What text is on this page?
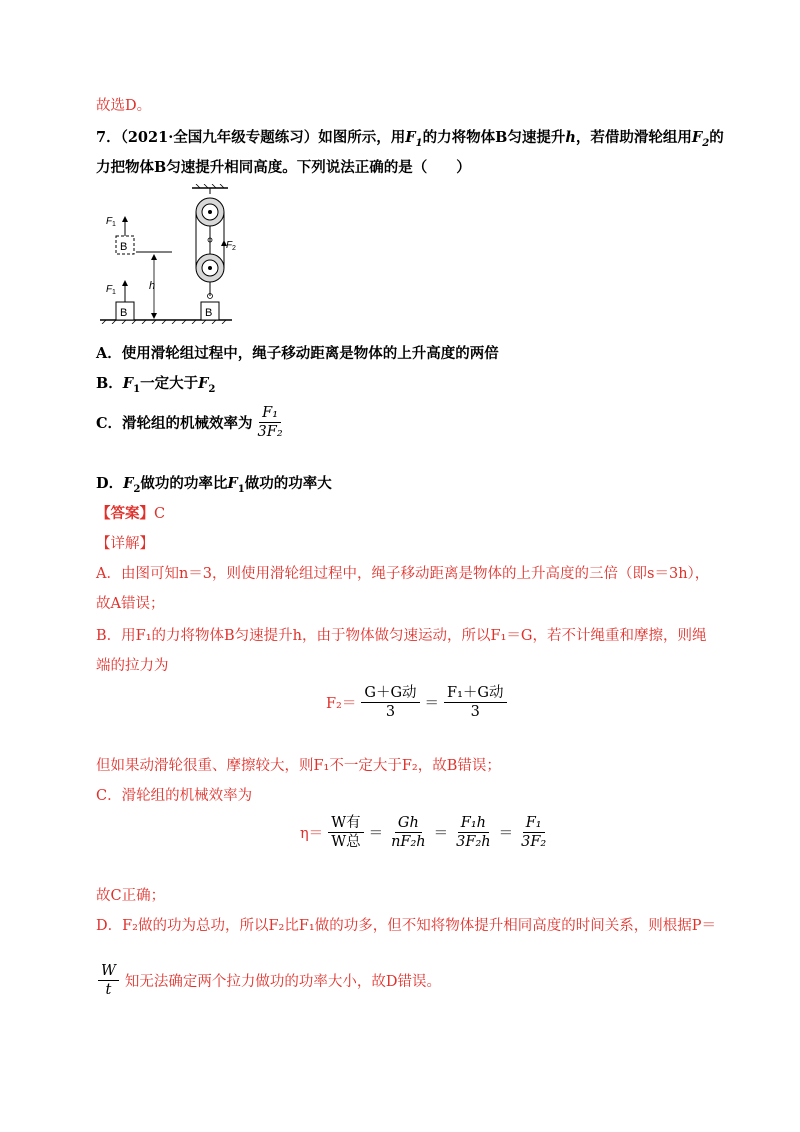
故选D。
7．（2021·全国九年级专题练习）如图所示，用$F_1$的力将物体B匀速提升h，若借助滑轮组用$F_2$的
力把物体B匀速提升相同高度。下列说法正确的是（　　）
B
F 1
B
F 1
h
F 2
B
A．使用滑轮组过程中，绳子移动距离是物体的上升高度的两倍
B．$F_1$一定大于$F_2$
C．滑轮组的机械效率为 $\frac{\text{F₁}}{\text{3F₂}}$
D．$F_2$做功的功率比$F_1$做功的功率大
【答案】C
【详解】
A．由图可知n＝3，则使用滑轮组过程中，绳子移动距离是物体的上升高度的三倍（即s＝3h），
故A错误；
B．用F₁的力将物体B匀速提升h，由于物体做匀速运动，所以F₁＝G，若不计绳重和摩擦，则绳
端的拉力为
$F_2= \frac{\text{G＋G动}}{3} = \frac{\text{F₁＋G动}}{3}$
但如果动滑轮很重、摩擦较大，则F₁不一定大于F₂，故B错误；
C．滑轮组的机械效率为
$\eta= \frac{\text{W有}}{\text{W总}} = \frac{Gh}{\text{nF₂h}} = \frac{\text{F₁h}}{\text{3F₂h}} = \frac{\text{F₁}}{\text{3F₂}}$
故C正确；
D．F₂做的功为总功，所以F₂比F₁做的功多，但不知将物体提升相同高度的时间关系，则根据P＝
$\frac{W}{t}$ 知无法确定两个拉力做功的功率大小，故D错误。
